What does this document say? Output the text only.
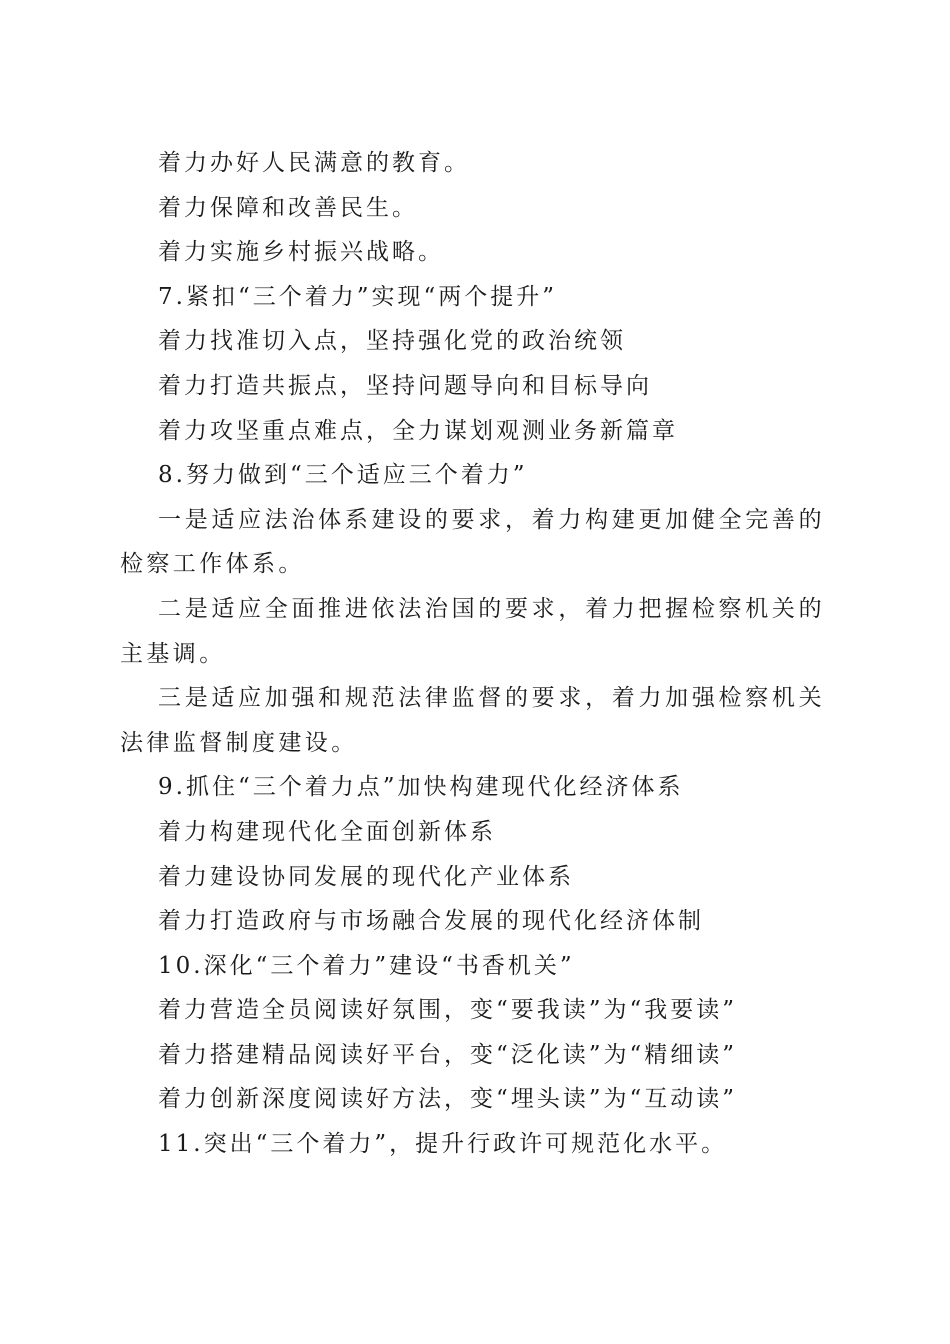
着力办好人民满意的教育。

着力保障和改善民生。

着力实施乡村振兴战略。

7.紧扣“三个着力”实现“两个提升”

着力找准切入点，坚持强化党的政治统领

着力打造共振点，坚持问题导向和目标导向

着力攻坚重点难点，全力谋划观测业务新篇章

8.努力做到“三个适应三个着力”

一是适应法治体系建设的要求，着力构建更加健全完善的检察工作体系。

二是适应全面推进依法治国的要求，着力把握检察机关的主基调。

三是适应加强和规范法律监督的要求，着力加强检察机关法律监督制度建设。

9.抓住“三个着力点”加快构建现代化经济体系

着力构建现代化全面创新体系

着力建设协同发展的现代化产业体系

着力打造政府与市场融合发展的现代化经济体制

10.深化“三个着力”建设“书香机关”

着力营造全员阅读好氛围，变“要我读”为“我要读”

着力搭建精品阅读好平台，变“泛化读”为“精细读”

着力创新深度阅读好方法，变“埋头读”为“互动读”

11.突出“三个着力”，提升行政许可规范化水平。
